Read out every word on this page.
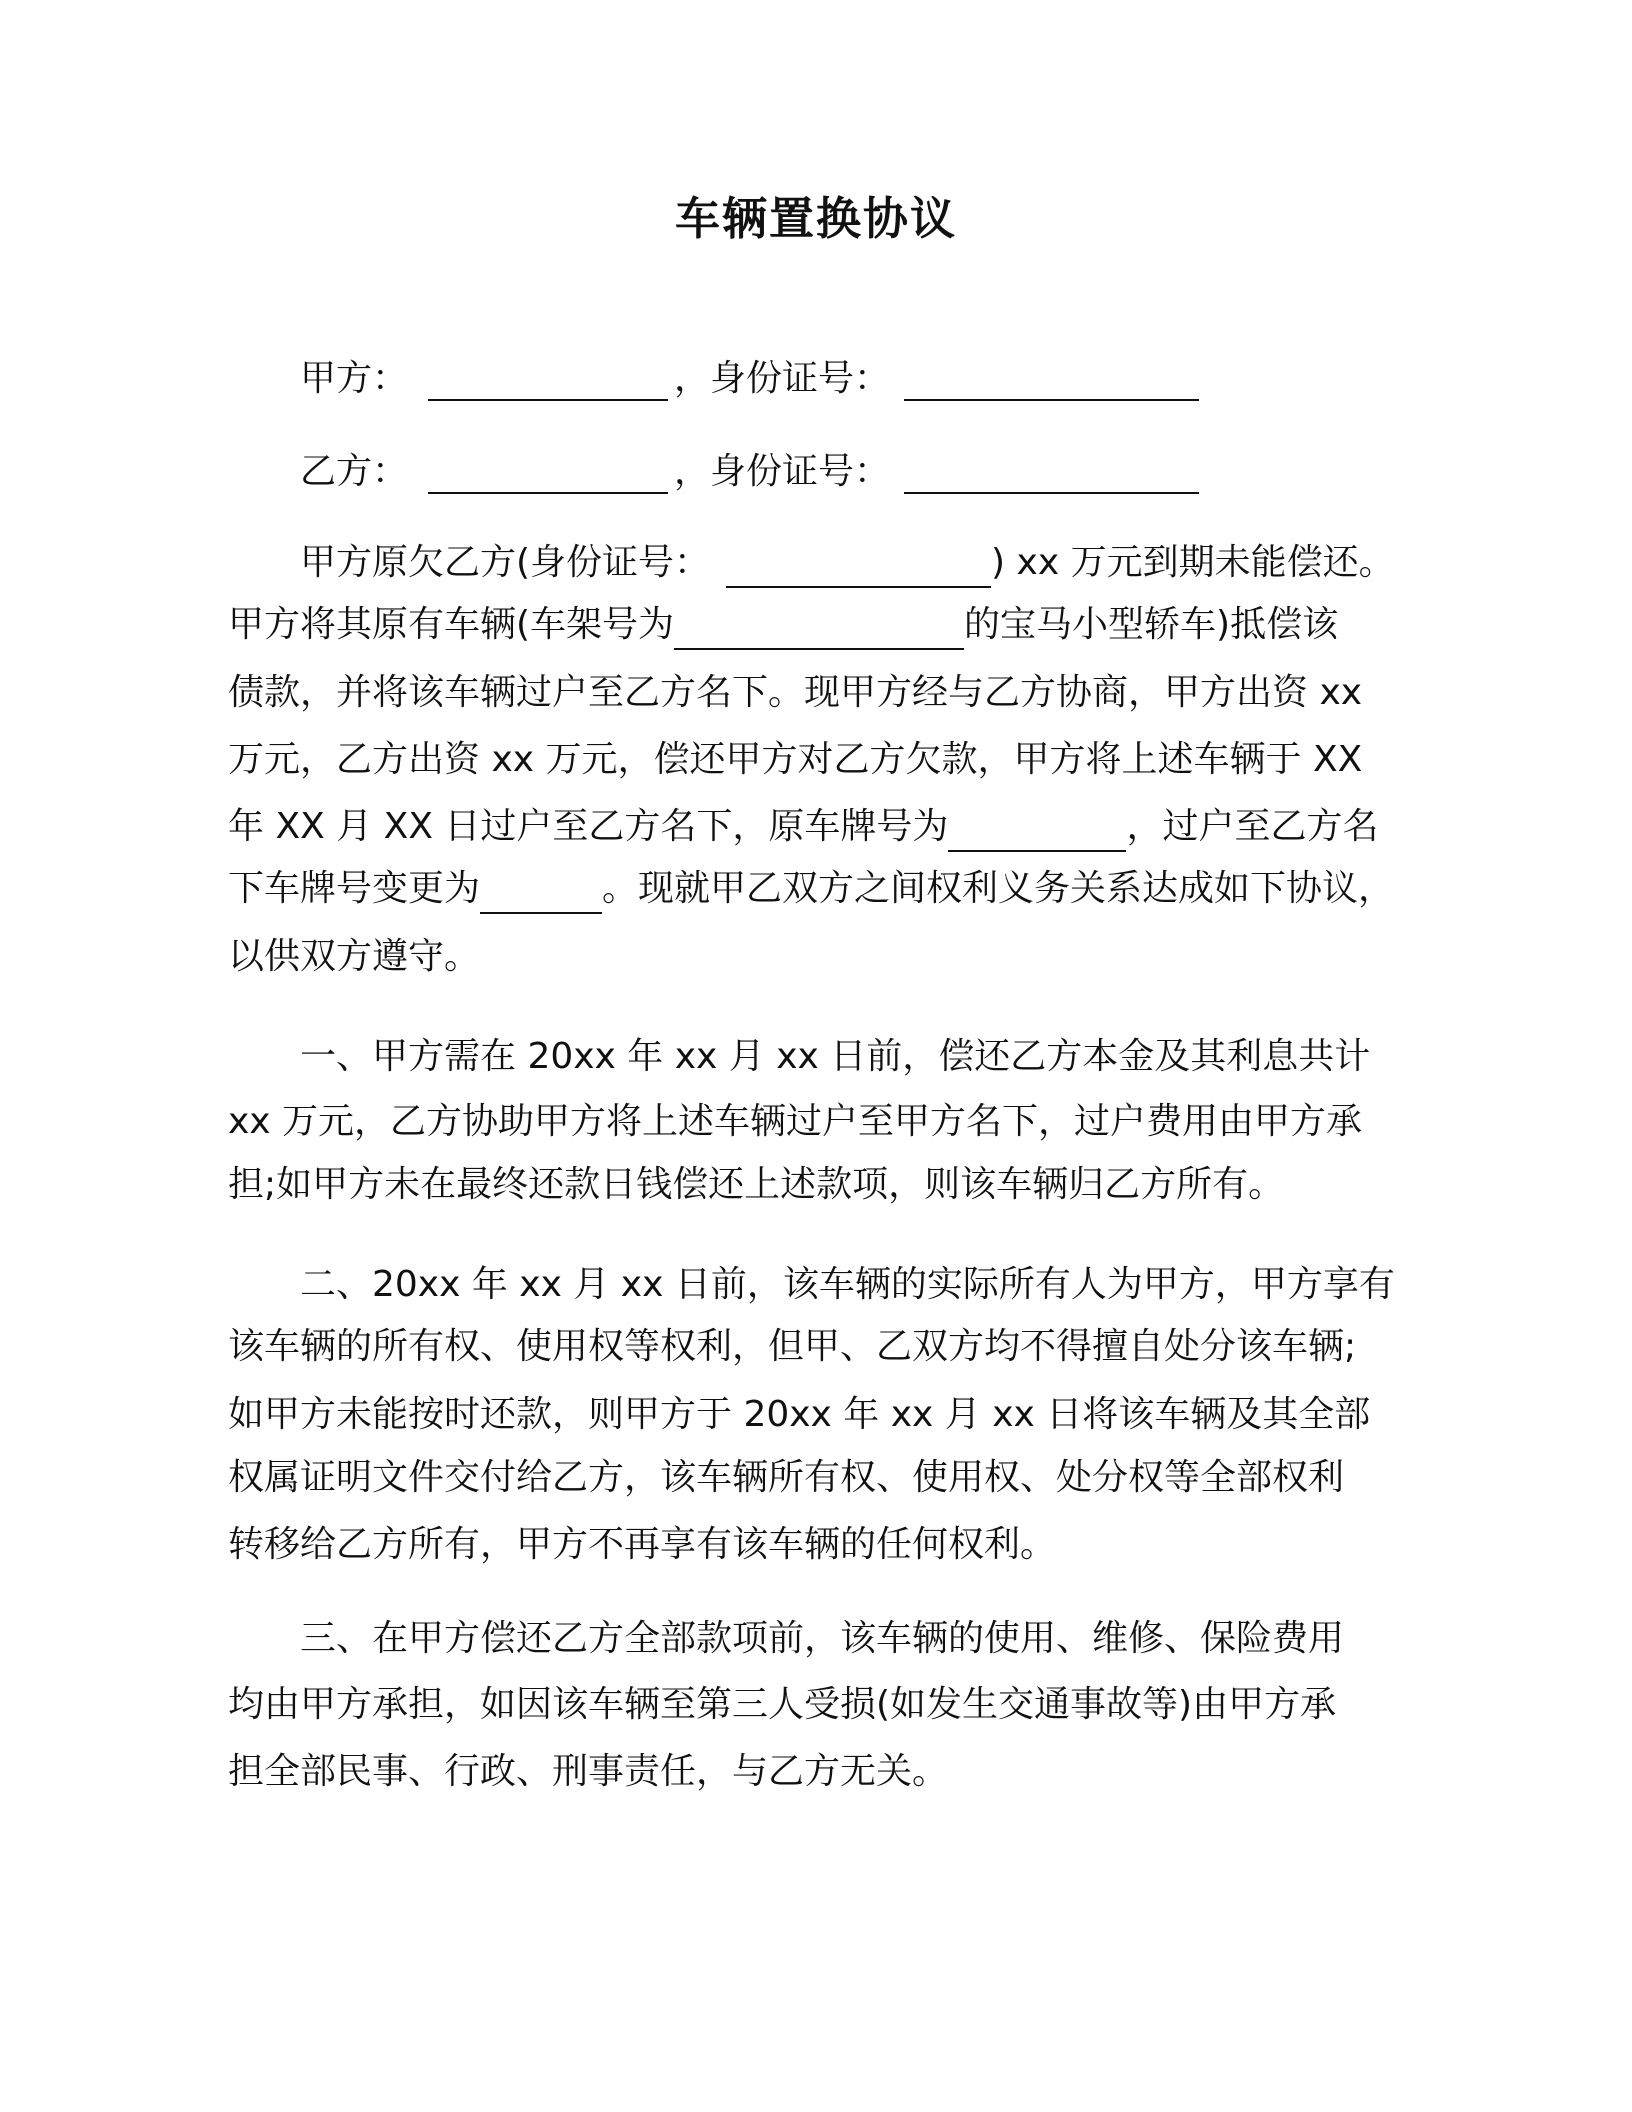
车辆置换协议
甲方：	，身份证号：
乙方：	，身份证号：
甲方原欠乙方(身份证号：	) xx 万元到期未能偿还。
甲方将其原有车辆(车架号为	的宝马小型轿车)抵偿该
债款，并将该车辆过户至乙方名下。现甲方经与乙方协商，甲方出资 xx
万元，乙方出资 xx 万元，偿还甲方对乙方欠款，甲方将上述车辆于 XX
年 XX 月 XX 日过户至乙方名下，原车牌号为	，过户至乙方名
下车牌号变更为	。现就甲乙双方之间权利义务关系达成如下协议，
以供双方遵守。
一、甲方需在 20xx 年 xx 月 xx 日前，偿还乙方本金及其利息共计
xx 万元，乙方协助甲方将上述车辆过户至甲方名下，过户费用由甲方承
担;如甲方未在最终还款日钱偿还上述款项，则该车辆归乙方所有。
二、20xx 年 xx 月 xx 日前，该车辆的实际所有人为甲方，甲方享有
该车辆的所有权、使用权等权利，但甲、乙双方均不得擅自处分该车辆;
如甲方未能按时还款，则甲方于 20xx 年 xx 月 xx 日将该车辆及其全部
权属证明文件交付给乙方，该车辆所有权、使用权、处分权等全部权利
转移给乙方所有，甲方不再享有该车辆的任何权利。
三、在甲方偿还乙方全部款项前，该车辆的使用、维修、保险费用
均由甲方承担，如因该车辆至第三人受损(如发生交通事故等)由甲方承
担全部民事、行政、刑事责任，与乙方无关。
